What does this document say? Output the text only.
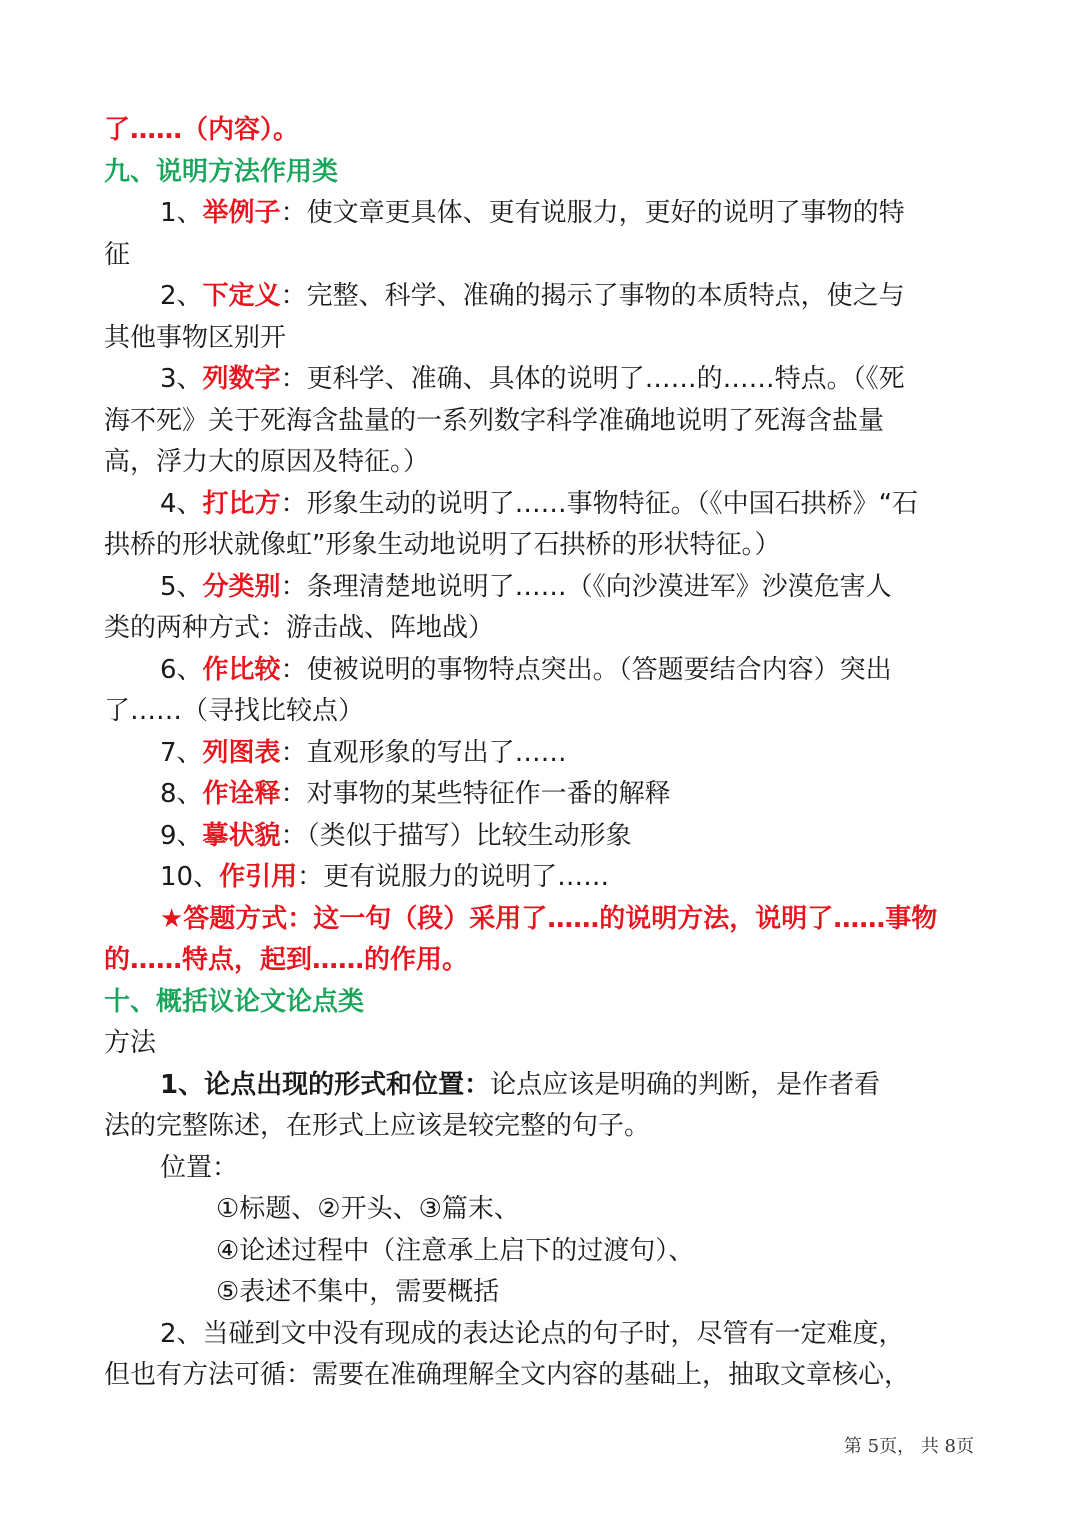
了……（内容）。
九、说明方法作用类
1、举例子：使文章更具体、更有说服力，更好的说明了事物的特
征
2、下定义：完整、科学、准确的揭示了事物的本质特点，使之与
其他事物区别开
3、列数字：更科学、准确、具体的说明了……的……特点。（《死
海不死》关于死海含盐量的一系列数字科学准确地说明了死海含盐量
高，浮力大的原因及特征。）
4、打比方：形象生动的说明了……事物特征。（《中国石拱桥》“石
拱桥的形状就像虹”形象生动地说明了石拱桥的形状特征。）
5、分类别：条理清楚地说明了……（《向沙漠进军》沙漠危害人
类的两种方式：游击战、阵地战）
6、作比较：使被说明的事物特点突出。（答题要结合内容）突出
了……（寻找比较点）
7、列图表：直观形象的写出了……
8、作诠释：对事物的某些特征作一番的解释
9、摹状貌：（类似于描写）比较生动形象
10、作引用：更有说服力的说明了……
★答题方式：这一句（段）采用了……的说明方法，说明了……事物
的……特点，起到……的作用。
十、概括议论文论点类
方法
1、论点出现的形式和位置：论点应该是明确的判断，是作者看
法的完整陈述，在形式上应该是较完整的句子。
位置：
①标题、②开头、③篇末、
④论述过程中（注意承上启下的过渡句）、
⑤表述不集中，需要概括
2、当碰到文中没有现成的表达论点的句子时，尽管有一定难度，
但也有方法可循：需要在准确理解全文内容的基础上，抽取文章核心，
第 5页， 共 8页
